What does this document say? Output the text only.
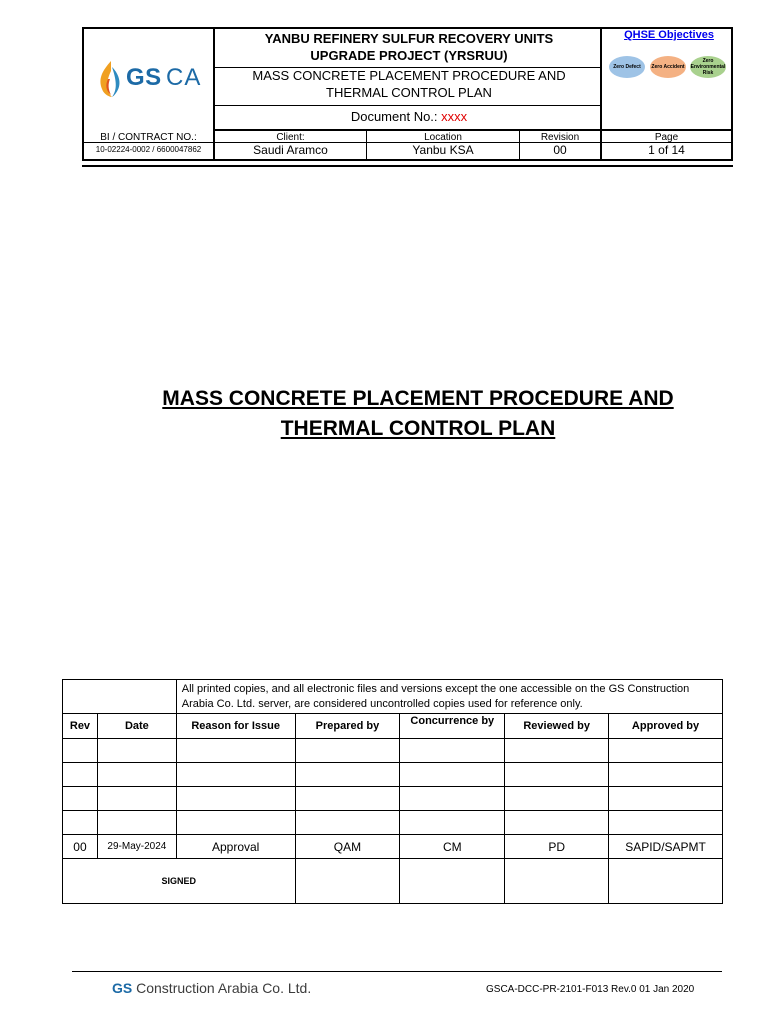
GS CA
YANBU REFINERY SULFUR RECOVERY UNITS
UPGRADE PROJECT (YRSRUU)
MASS CONCRETE PLACEMENT PROCEDURE AND
THERMAL CONTROL PLAN
Document No.: xxxx
QHSE Objectives
Zero Defect	Zero Accident
Zero Environmental Risk
BI / CONTRACT NO.:
10-02224-0002 / 6600047862
Client:
Saudi Aramco
Location
Yanbu KSA
Revision
00
Page
1 of 14
MASS CONCRETE PLACEMENT PROCEDURE AND
THERMAL CONTROL PLAN
		All printed copies, and all electronic files and versions except the one accessible on the GS Construction Arabia Co. Ltd. server, are considered uncontrolled copies used for reference only.				
Rev	Date	Reason for Issue	Prepared by	Concurrence by	Reviewed by	Approved by

00	29-May-2024	Approval	QAM	CM	PD	SAPID/SAPMT
SIGNED						
GS Construction Arabia Co. Ltd.	GSCA-DCC-PR-2101-F013 Rev.0 01 Jan 2020
